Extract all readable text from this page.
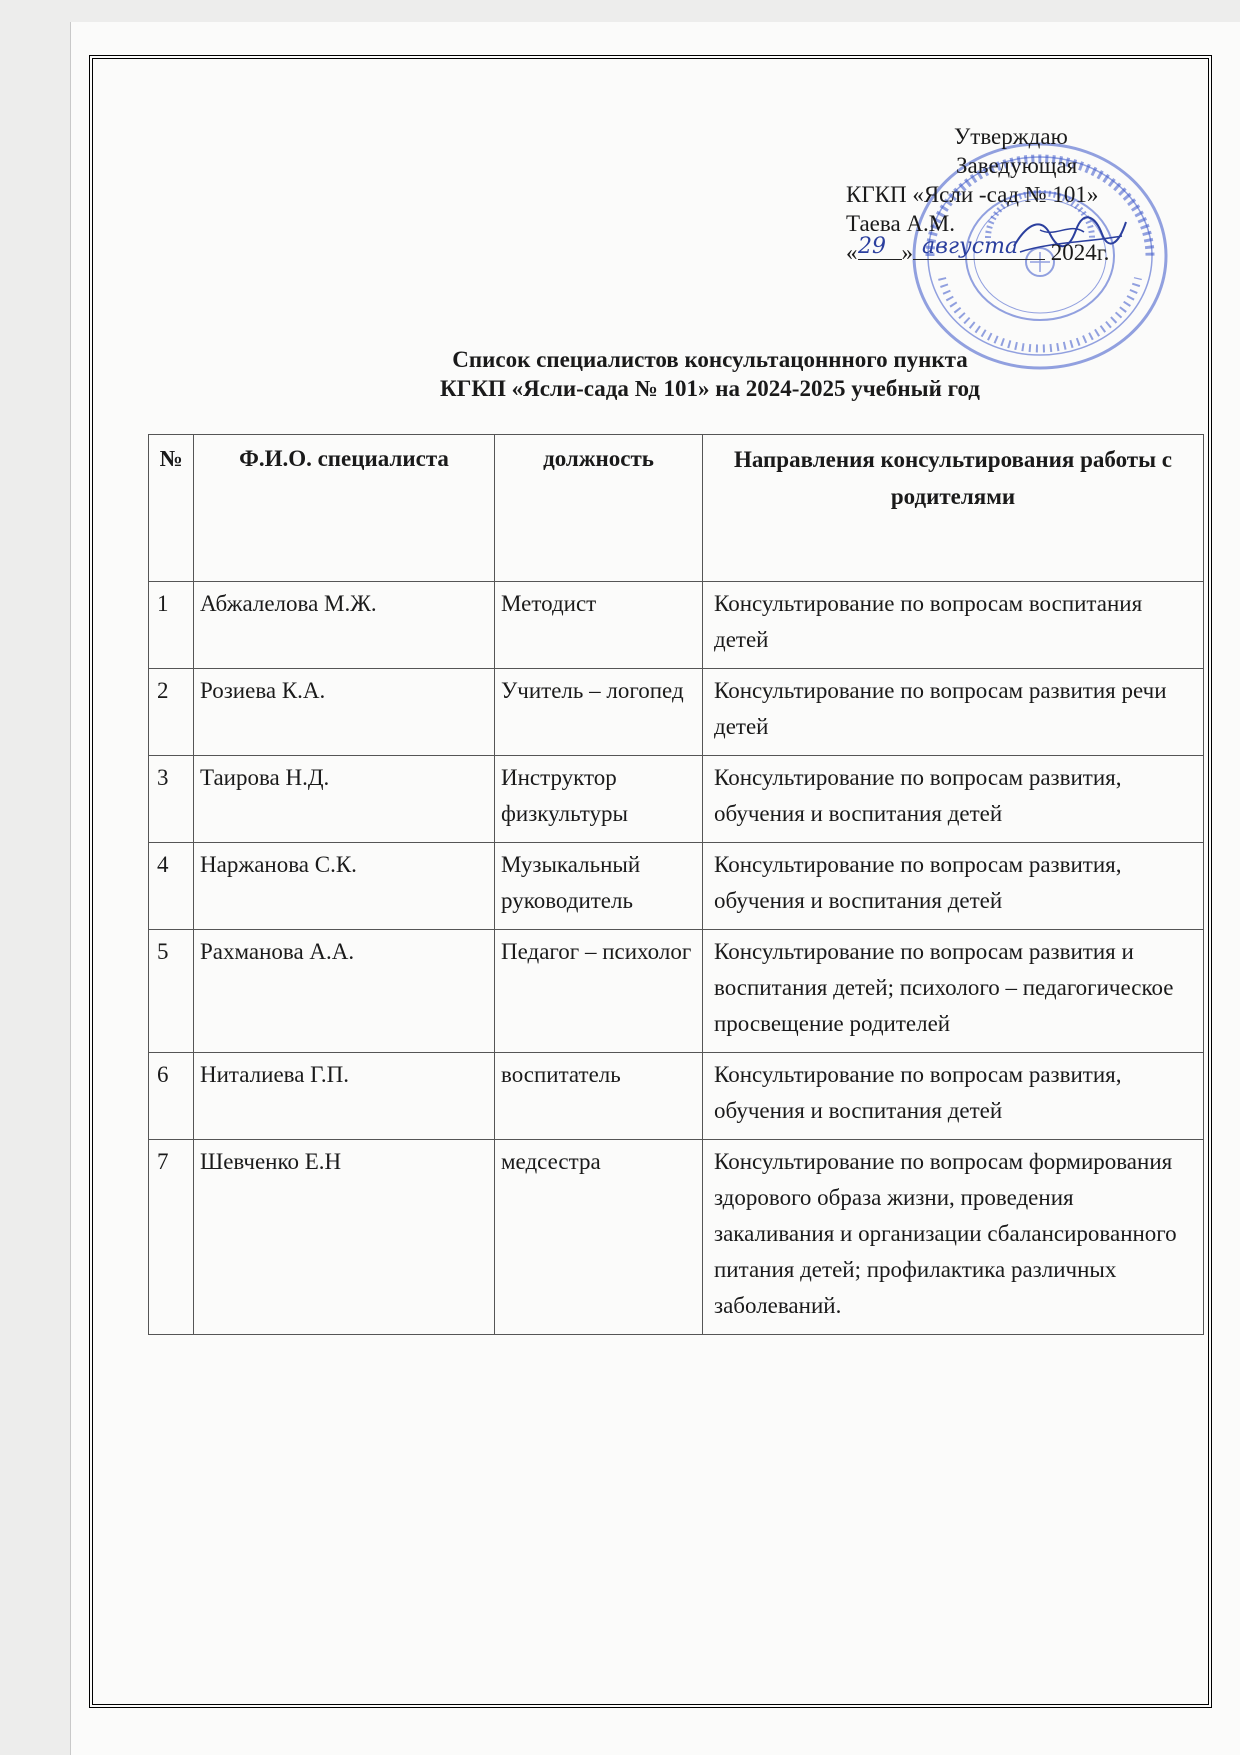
Утверждаю
Заведующая
КГКП «Ясли -сад № 101»
Таева А.М.
« »	2024г.
29 августа
Список специалистов консультацоннного пункта
КГКП «Ясли-сада № 101» на 2024-2025 учебный год
№	Ф.И.О. специалиста	должность	Направления консультирования работы с родителями
1	Абжалелова М.Ж.	Методист	Консультирование по вопросам воспитания детей
2	Розиева К.А.	Учитель – логопед	Консультирование по вопросам развития речи детей
3	Таирова Н.Д.	Инструктор физкультуры	Консультирование по вопросам развития, обучения и воспитания детей
4	Наржанова С.К.	Музыкальный руководитель	Консультирование по вопросам развития, обучения и воспитания детей
5	Рахманова А.А.	Педагог – психолог	Консультирование по вопросам развития и воспитания детей; психолого – педагогическое просвещение родителей
6	Ниталиева Г.П.	воспитатель	Консультирование по вопросам развития, обучения и воспитания детей
7	Шевченко Е.Н	медсестра	Консультирование по вопросам формирования здорового образа жизни, проведения закаливания и организации сбалансированного питания детей; профилактика различных заболеваний.
